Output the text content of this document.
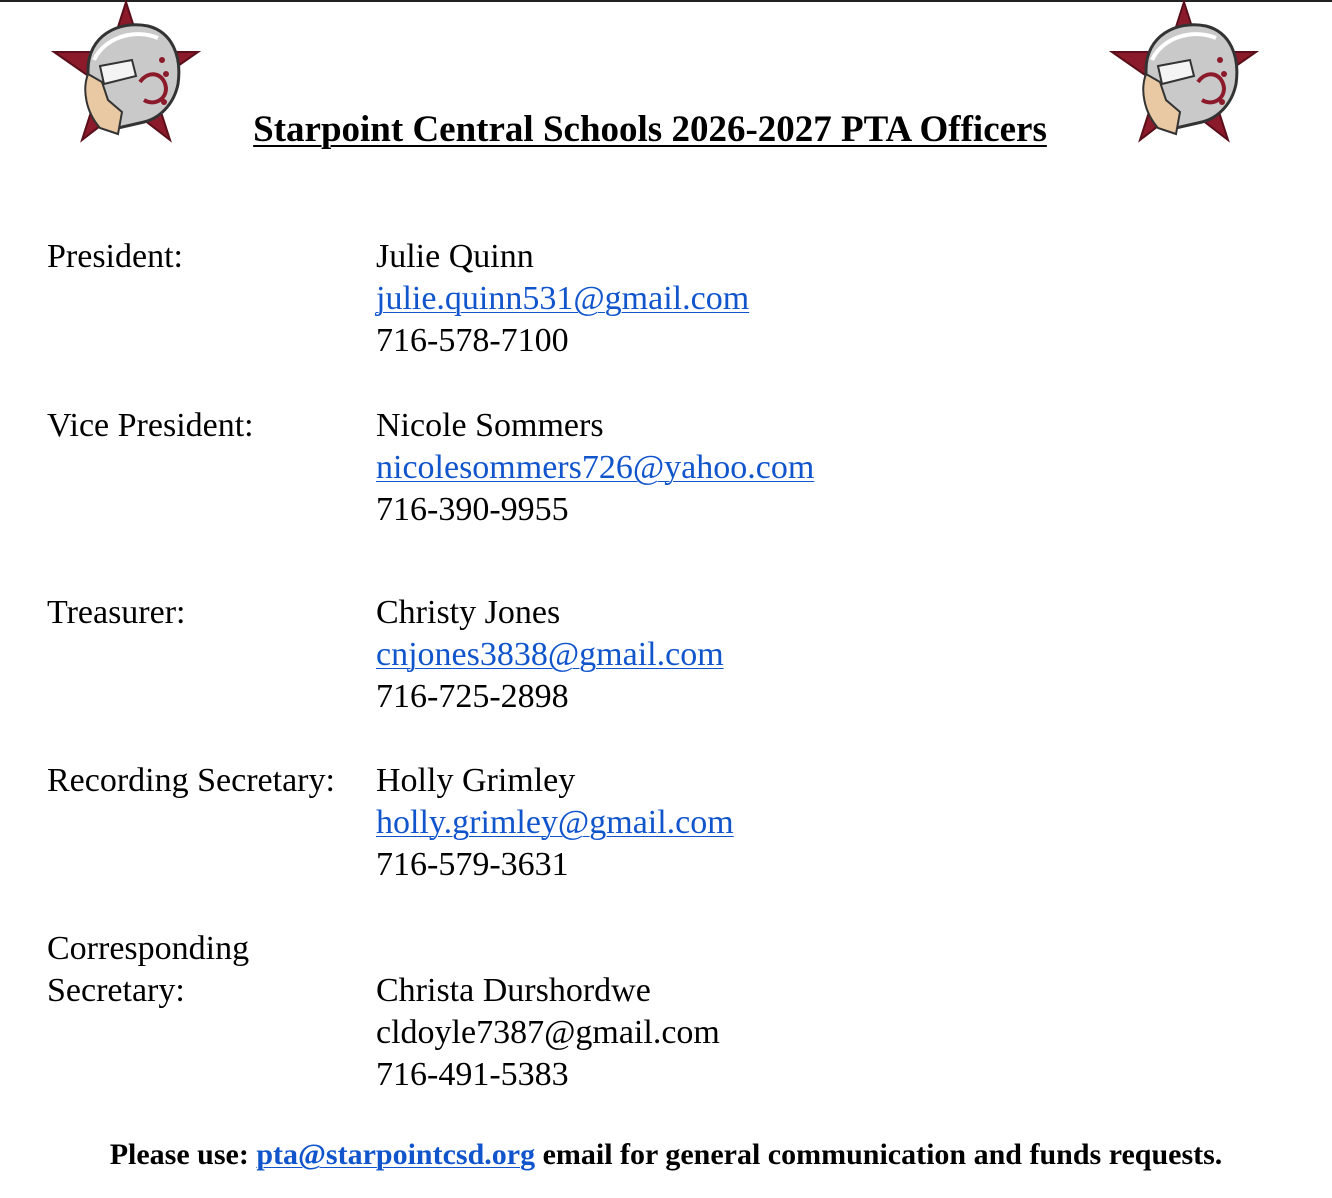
Starpoint Central Schools 2026-2027 PTA Officers
President:	Julie Quinn
julie.quinn531@gmail.com
716-578-7100
Vice President:	Nicole Sommers
nicolesommers726@yahoo.com
716-390-9955
Treasurer:	Christy Jones
cnjones3838@gmail.com
716-725-2898
Recording Secretary: Holly Grimley
holly.grimley@gmail.com
716-579-3631
Corresponding
Secretary:	Christa Durshordwe
cldoyle7387@gmail.com
716-491-5383
Please use: pta@starpointcsd.org email for general communication and funds requests.
